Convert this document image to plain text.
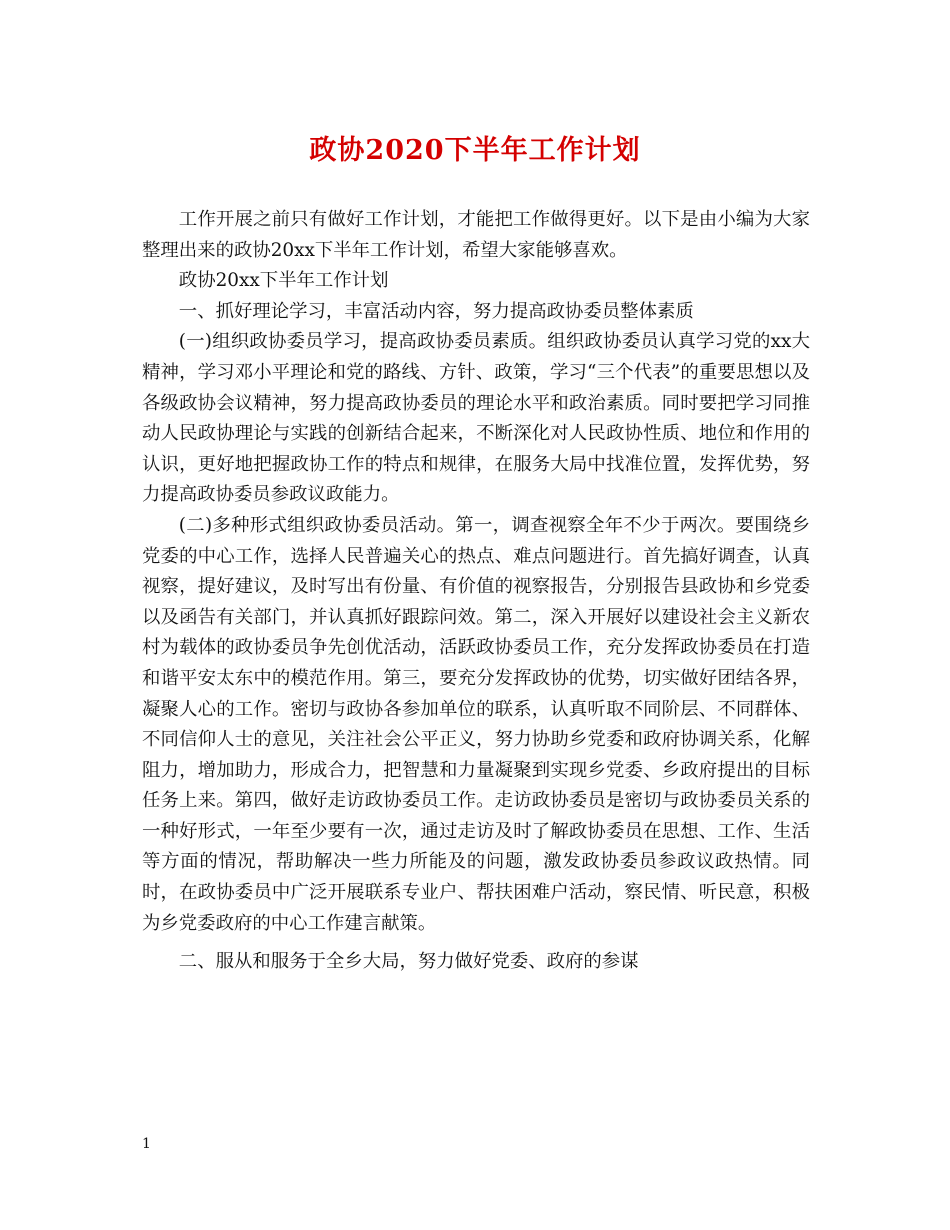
政协2020下半年工作计划

工作开展之前只有做好工作计划，才能把工作做得更好。以下是由小编为大家整理出来的政协20xx下半年工作计划，希望大家能够喜欢。

政协20xx下半年工作计划

一、抓好理论学习，丰富活动内容，努力提高政协委员整体素质

(一)组织政协委员学习，提高政协委员素质。组织政协委员认真学习党的xx大精神，学习邓小平理论和党的路线、方针、政策，学习“三个代表”的重要思想以及各级政协会议精神，努力提高政协委员的理论水平和政治素质。同时要把学习同推动人民政协理论与实践的创新结合起来，不断深化对人民政协性质、地位和作用的认识，更好地把握政协工作的特点和规律，在服务大局中找准位置，发挥优势，努力提高政协委员参政议政能力。

(二)多种形式组织政协委员活动。第一，调查视察全年不少于两次。要围绕乡党委的中心工作，选择人民普遍关心的热点、难点问题进行。首先搞好调查，认真视察，提好建议，及时写出有份量、有价值的视察报告，分别报告县政协和乡党委以及函告有关部门，并认真抓好跟踪问效。第二，深入开展好以建设社会主义新农村为载体的政协委员争先创优活动，活跃政协委员工作，充分发挥政协委员在打造和谐平安太东中的模范作用。第三，要充分发挥政协的优势，切实做好团结各界，凝聚人心的工作。密切与政协各参加单位的联系，认真听取不同阶层、不同群体、不同信仰人士的意见，关注社会公平正义，努力协助乡党委和政府协调关系，化解阻力，增加助力，形成合力，把智慧和力量凝聚到实现乡党委、乡政府提出的目标任务上来。第四，做好走访政协委员工作。走访政协委员是密切与政协委员关系的一种好形式，一年至少要有一次，通过走访及时了解政协委员在思想、工作、生活等方面的情况，帮助解决一些力所能及的问题，激发政协委员参政议政热情。同时，在政协委员中广泛开展联系专业户、帮扶困难户活动，察民情、听民意，积极为乡党委政府的中心工作建言献策。

二、服从和服务于全乡大局，努力做好党委、政府的参谋

1
